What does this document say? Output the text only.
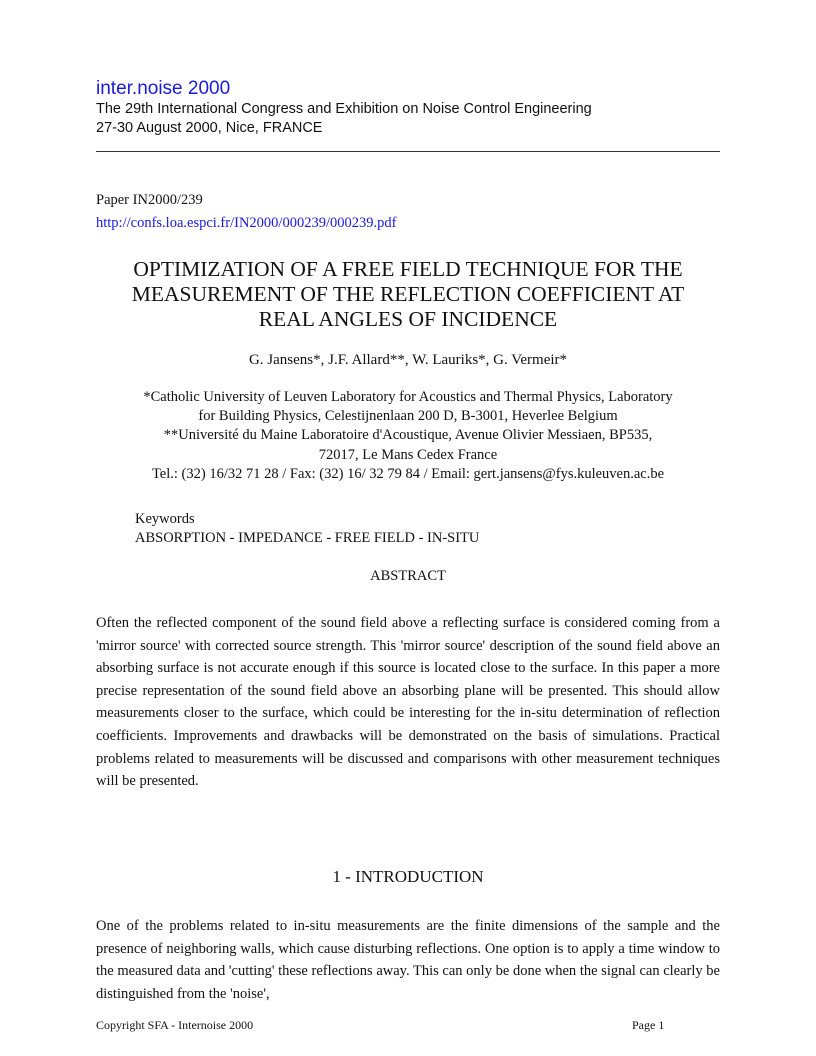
inter.noise 2000
The 29th International Congress and Exhibition on Noise Control Engineering
27-30 August 2000, Nice, FRANCE
Paper IN2000/239
http://confs.loa.espci.fr/IN2000/000239/000239.pdf
OPTIMIZATION OF A FREE FIELD TECHNIQUE FOR THE
MEASUREMENT OF THE REFLECTION COEFFICIENT AT
REAL ANGLES OF INCIDENCE
G. Jansens*, J.F. Allard**, W. Lauriks*, G. Vermeir*
*Catholic University of Leuven Laboratory for Acoustics and Thermal Physics, Laboratory
for Building Physics, Celestijnenlaan 200 D, B-3001, Heverlee Belgium
**Université du Maine Laboratoire d'Acoustique, Avenue Olivier Messiaen, BP535,
72017, Le Mans Cedex France
Tel.: (32) 16/32 71 28 / Fax: (32) 16/ 32 79 84 / Email: gert.jansens@fys.kuleuven.ac.be
Keywords
ABSORPTION - IMPEDANCE - FREE FIELD - IN-SITU
ABSTRACT
Often the reflected component of the sound field above a reflecting surface is considered coming from a 'mirror source' with corrected source strength. This 'mirror source' description of the sound field above an absorbing surface is not accurate enough if this source is located close to the surface. In this paper a more precise representation of the sound field above an absorbing plane will be presented. This should allow measurements closer to the surface, which could be interesting for the in-situ determination of reflection coefficients. Improvements and drawbacks will be demonstrated on the basis of simulations. Practical problems related to measurements will be discussed and comparisons with other measurement techniques will be presented.
1 - INTRODUCTION
One of the problems related to in-situ measurements are the finite dimensions of the sample and the presence of neighboring walls, which cause disturbing reflections. One option is to apply a time window to the measured data and 'cutting' these reflections away. This can only be done when the signal can clearly be distinguished from the 'noise',
Copyright SFA - Internoise 2000	Page 1
